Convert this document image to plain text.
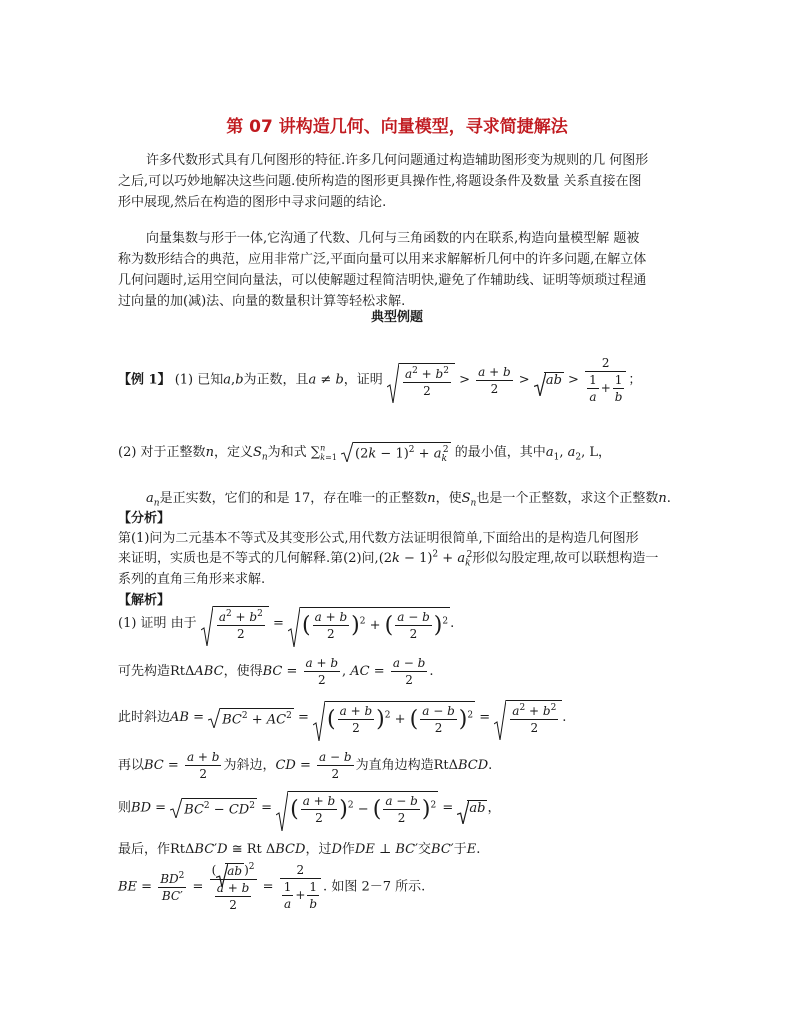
第 07 讲构造几何、向量模型，寻求简捷解法
许多代数形式具有几何图形的特征.许多几何问题通过构造辅助图形变为规则的几 何图形
之后,可以巧妙地解决这些问题.使所构造的图形更具操作性,将题设条件及数量 关系直接在图
形中展现,然后在构造的图形中寻求问题的结论.
向量集数与形于一体,它沟通了代数、几何与三角函数的内在联系,构造向量模型解 题被
称为数形结合的典范，应用非常广泛,平面向量可以用来求解解析几何中的许多问题,在解立体
几何问题时,运用空间向量法，可以使解题过程简洁明快,避免了作辅助线、证明等烦琐过程通
过向量的加(减)法、向量的数量积计算等轻松求解.
典型例题
【例 1】 (1) 已知a,b为正数，且a ≠ b，证明 $\frac{a^2 + b^2}{2} > \frac{a + b}{2}$ >
ab > $\frac{2}{\frac{1}{a} + \frac{1}{b}}$ ；
(2) 对于正整数n，定义$S_n$为和式 ∑$^n_{k=1}$ $(2k - 1)^2 + a_k^2$ 的最小值，其中$a_1$, $a_2$, L，
$a_n$是正实数，它们的和是 17，存在唯一的正整数n，使$S_n$也是一个正整数，求这个正整数n.
【分析】
第(1)问为二元基本不等式及其变形公式,用代数方法证明很简单,下面给出的是构造几何图形
来证明，实质也是不等式的几何解释.第(2)问$,(2k - 1)^2 + a_k^2$形似勾股定理,故可以联想构造一
系列的直角三角形来求解.
【解析】
(1) 证明 由于 $\frac{a^2 + b^2}{2}$ =
( $\frac{a + b}{2} )^2$ + ( $\frac{a - b}{2} )^2$ .
可先构造RtΔABC，使得BC = $\frac{a + b}{2}$ , AC = $\frac{a - b}{2}$ .
此时斜边AB =
$BC^2 + AC^2$ =
( $\frac{a + b}{2} )^2$ + ( $\frac{a - b}{2} )^2 = \frac{a^2 + b^2}{2}$ .
再以BC = $\frac{a + b}{2}$ 为斜边，CD = $\frac{a - b}{2}$ 为直角边构造RtΔBCD.
则BD =
$BC^2 - CD^2$ =
( $\frac{a + b}{2} )^2$ − ( $\frac{a - b}{2} )^2$ =
ab ，
最后，作RtΔBC′D ≅ Rt ΔBCD，过D作DE ⊥ BC′交BC′于E.
BE = $\frac{BD^2}{BC'} = \frac{( ab )^2}{\frac{a + b}{2}} = \frac{2}{\frac{1}{a} + \frac{1}{b}}$ . 如图 2－7 所示.
